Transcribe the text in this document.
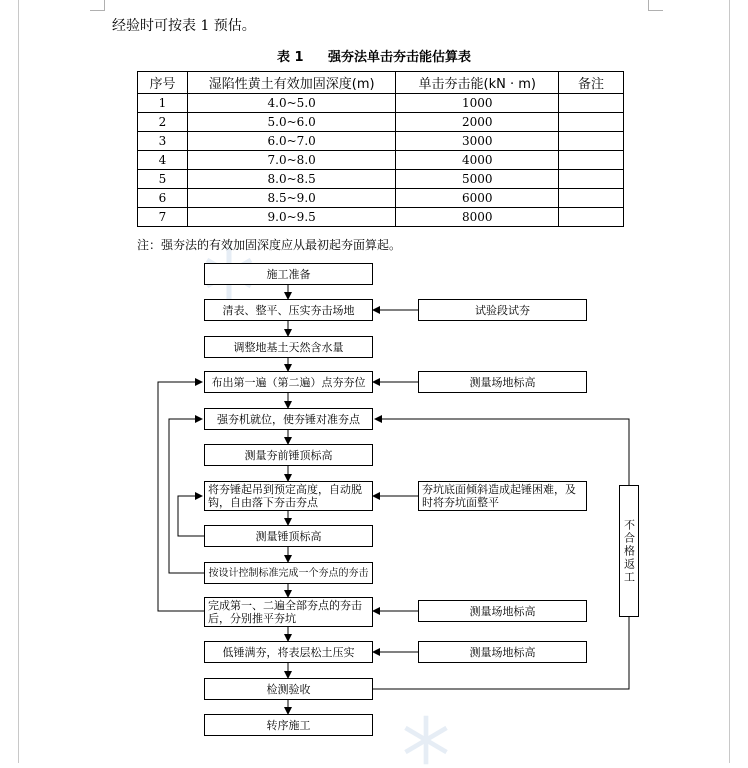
经验时可按表 1 预估。
表 1 强夯法单击夯击能估算表
序号	湿陷性黄土有效加固深度(m)	单击夯击能(kN · m)	备注
1	4.0~5.0	1000	
2	5.0~6.0	2000	
3	6.0~7.0	3000	
4	7.0~8.0	4000	
5	8.0~8.5	5000	
6	8.5~9.0	6000	
7	9.0~9.5	8000	
注：强夯法的有效加固深度应从最初起夯面算起。
施工准备
清表、整平、压实夯击场地
调整地基土天然含水量
布出第一遍（第二遍）点夯夯位
强夯机就位，使夯锤对准夯点
测量夯前锤顶标高
将夯锤起吊到预定高度，自动脱钩，自由落下夯击夯点
测量锤顶标高
按设计控制标准完成一个夯点的夯击
完成第一、二遍全部夯点的夯击后，分别推平夯坑
低锤满夯，将表层松土压实
检测验收
转序施工
试验段试夯
测量场地标高
夯坑底面倾斜造成起锤困难，及时将夯坑面整平
测量场地标高
测量场地标高
不合格返工
